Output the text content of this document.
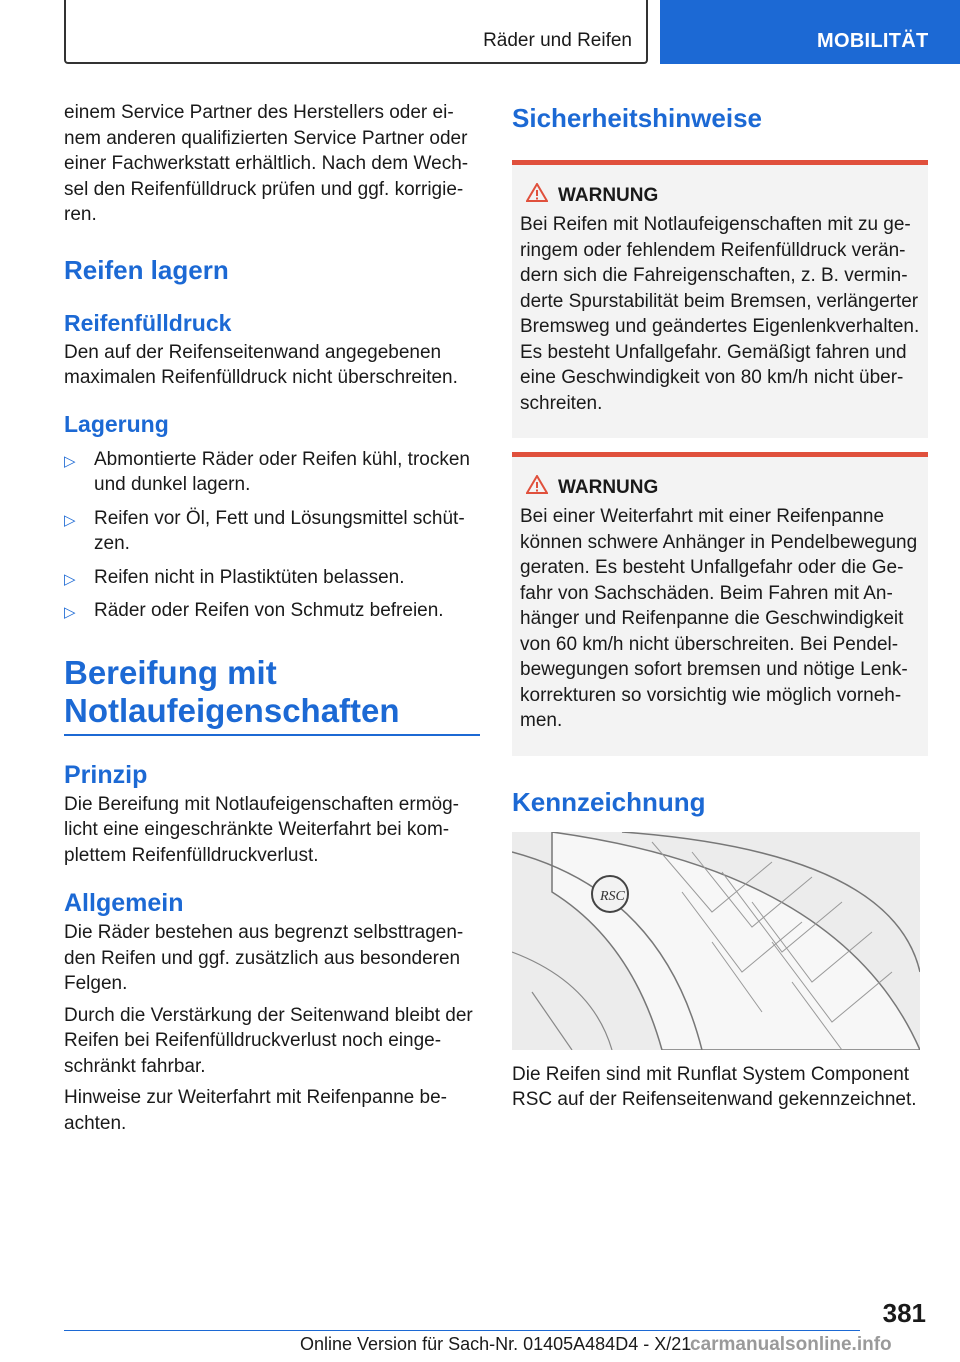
Räder und Reifen	MOBILITÄT

einem Service Partner des Herstellers oder ei-nem anderen qualifizierten Service Partner oder einer Fachwerkstatt erhältlich. Nach dem Wech-sel den Reifenfülldruck prüfen und ggf. korrigie-ren.

Reifen lagern
Reifenfülldruck

Den auf der Reifenseitenwand angegebenen maximalen Reifenfülldruck nicht überschreiten.

Lagerung
▷ Abmontierte Räder oder Reifen kühl, trocken und dunkel lagern.
▷ Reifen vor Öl, Fett und Lösungsmittel schüt-zen.
▷ Reifen nicht in Plastiktüten belassen.
▷ Räder oder Reifen von Schmutz befreien.
Bereifung mit Notlaufeigenschaften
Prinzip

Die Bereifung mit Notlaufeigenschaften ermög-licht eine eingeschränkte Weiterfahrt bei kom-plettem Reifenfülldruckverlust.

Allgemein

Die Räder bestehen aus begrenzt selbsttragen-den Reifen und ggf. zusätzlich aus besonderen Felgen.

Durch die Verstärkung der Seitenwand bleibt der Reifen bei Reifenfülldruckverlust noch einge-schränkt fahrbar.

Hinweise zur Weiterfahrt mit Reifenpanne be-achten.

Sicherheitshinweise
WARNUNG

Bei Reifen mit Notlaufeigenschaften mit zu ge-ringem oder fehlendem Reifenfülldruck verän-dern sich die Fahreigenschaften, z. B. vermin-derte Spurstabilität beim Bremsen, verlängerter Bremsweg und geändertes Eigenlenkverhalten. Es besteht Unfallgefahr. Gemäßigt fahren und eine Geschwindigkeit von 80 km/h nicht über-schreiten.

WARNUNG

Bei einer Weiterfahrt mit einer Reifenpanne können schwere Anhänger in Pendelbewegung geraten. Es besteht Unfallgefahr oder die Ge-fahr von Sachschäden. Beim Fahren mit An-hänger und Reifenpanne die Geschwindigkeit von 60 km/h nicht überschreiten. Bei Pendel-bewegungen sofort bremsen und nötige Lenk-korrekturen so vorsichtig wie möglich vorneh-men.

Kennzeichnung
RSC

Die Reifen sind mit Runflat System Component RSC auf der Reifenseitenwand gekennzeichnet.

381
Online Version für Sach-Nr. 01405A484D4 - X/21
carmanualsonline.info
